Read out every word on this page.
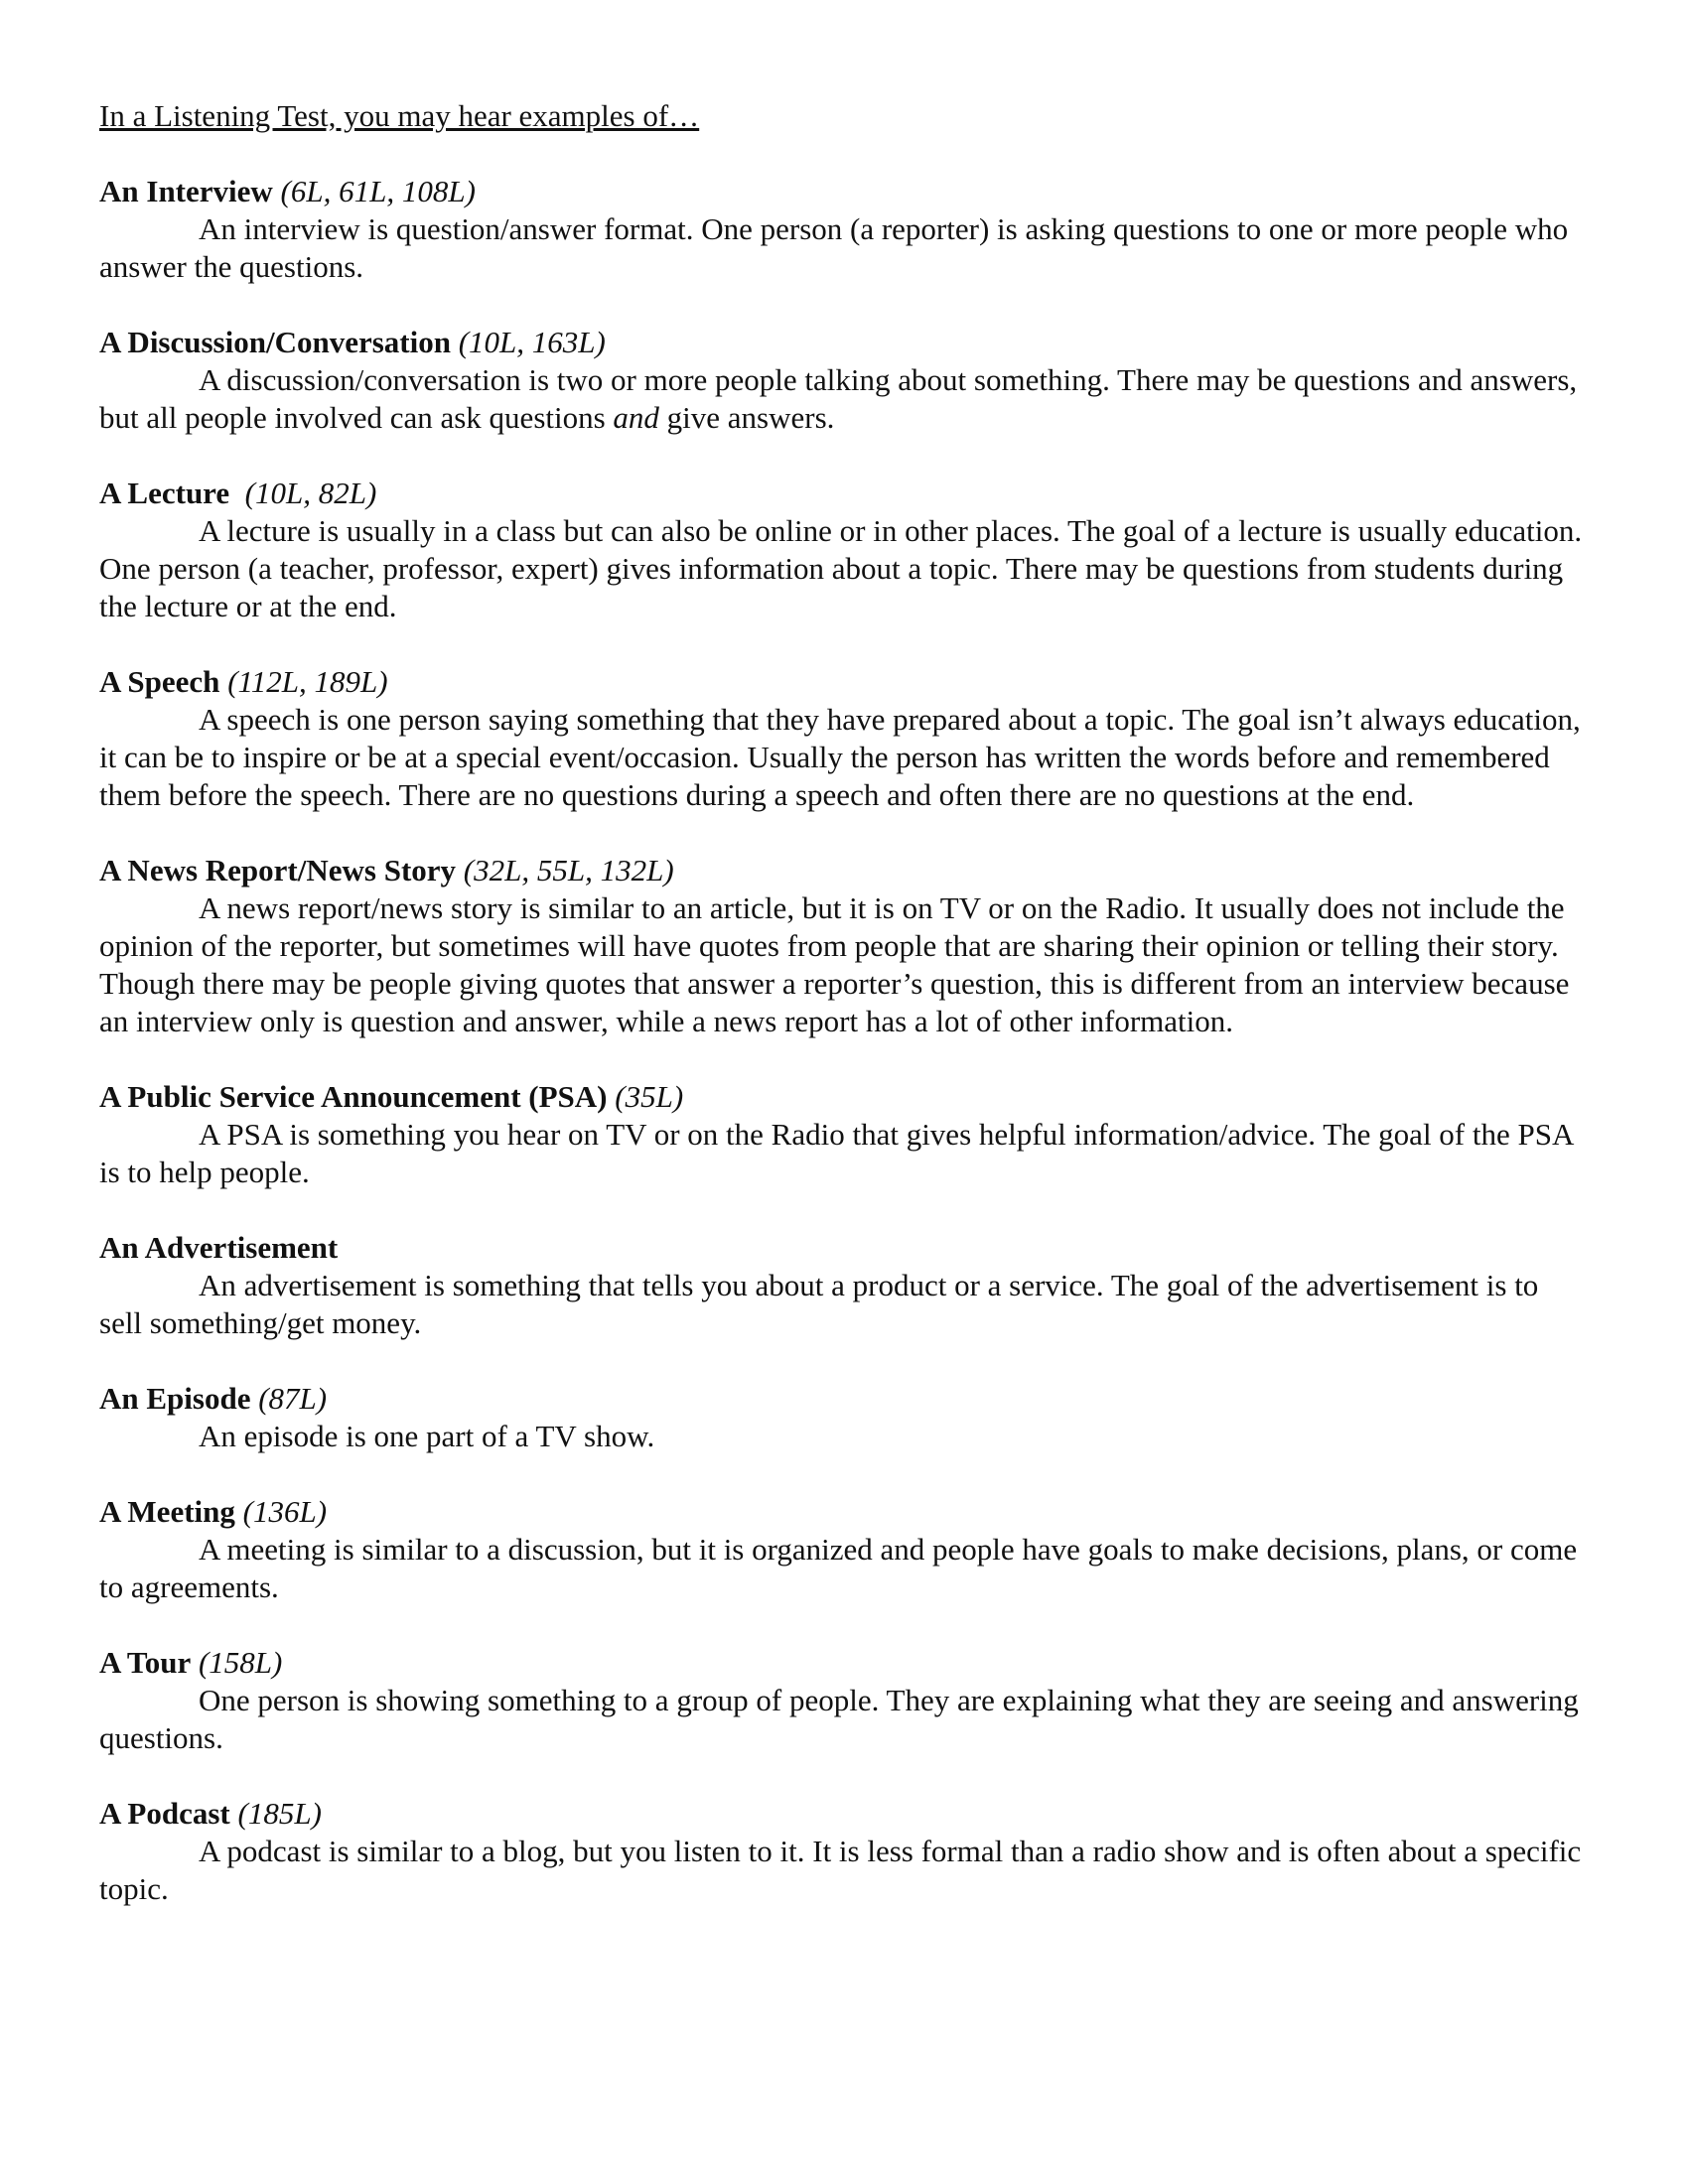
In a Listening Test, you may hear examples of…

An Interview (6L, 61L, 108L)

An interview is question/answer format. One person (a reporter) is asking questions to one or more people who answer the questions.

A Discussion/Conversation (10L, 163L)

A discussion/conversation is two or more people talking about something. There may be questions and answers, but all people involved can ask questions and give answers.

A Lecture (10L, 82L)

A lecture is usually in a class but can also be online or in other places. The goal of a lecture is usually education. One person (a teacher, professor, expert) gives information about a topic. There may be questions from students during the lecture or at the end.

A Speech (112L, 189L)

A speech is one person saying something that they have prepared about a topic. The goal isn’t always education, it can be to inspire or be at a special event/occasion. Usually the person has written the words before and remembered them before the speech. There are no questions during a speech and often there are no questions at the end.

A News Report/News Story (32L, 55L, 132L)

A news report/news story is similar to an article, but it is on TV or on the Radio. It usually does not include the opinion of the reporter, but sometimes will have quotes from people that are sharing their opinion or telling their story. Though there may be people giving quotes that answer a reporter’s question, this is different from an interview because an interview only is question and answer, while a news report has a lot of other information.

A Public Service Announcement (PSA) (35L)

A PSA is something you hear on TV or on the Radio that gives helpful information/advice. The goal of the PSA is to help people.

An Advertisement

An advertisement is something that tells you about a product or a service. The goal of the advertisement is to sell something/get money.

An Episode (87L)

An episode is one part of a TV show.

A Meeting (136L)

A meeting is similar to a discussion, but it is organized and people have goals to make decisions, plans, or come to agreements.

A Tour (158L)

One person is showing something to a group of people. They are explaining what they are seeing and answering questions.

A Podcast (185L)

A podcast is similar to a blog, but you listen to it. It is less formal than a radio show and is often about a specific topic.
